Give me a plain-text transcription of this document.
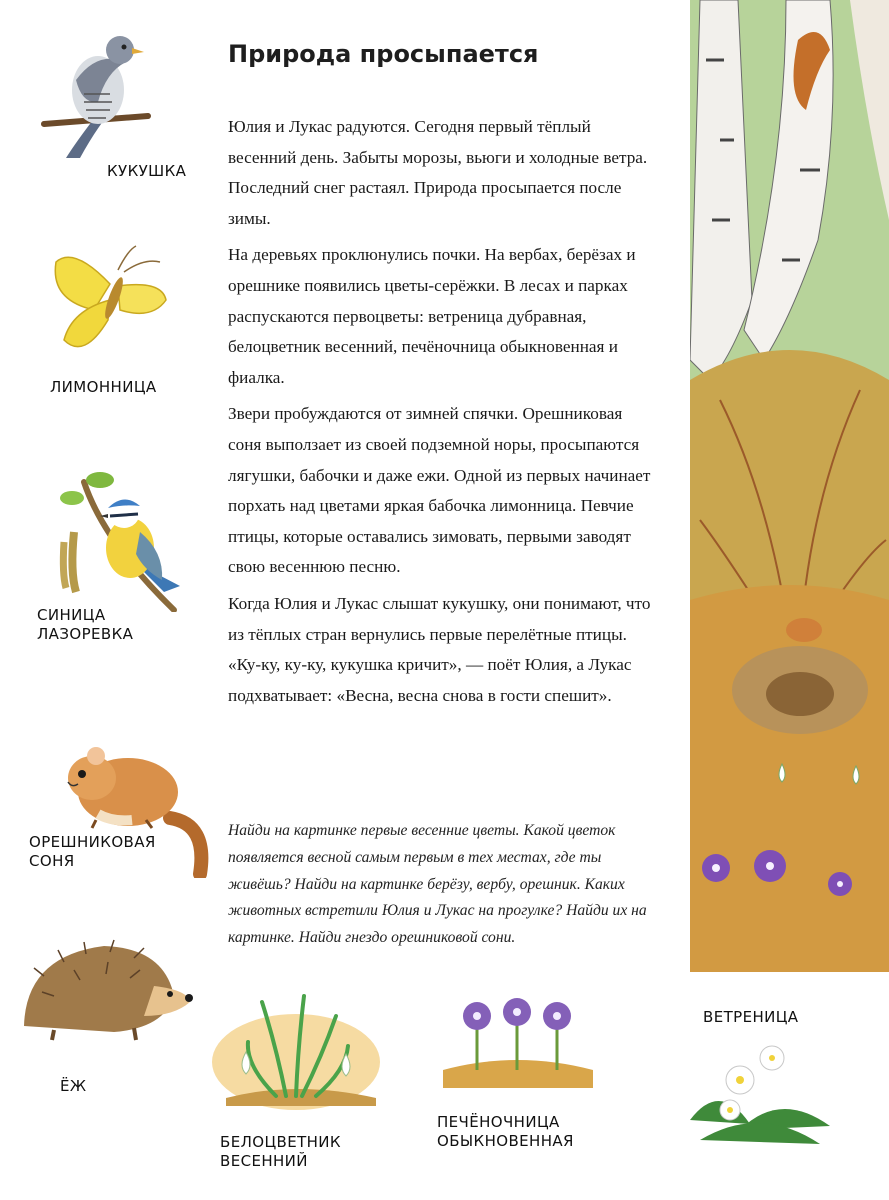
Природа просыпается

Юлия и Лукас радуются. Сегодня первый тёплый весенний день. Забыты морозы, вьюги и холодные ветра. Последний снег растаял. Природа просыпается после зимы.

На деревьях проклюнулись почки. На вербах, берёзах и орешнике появились цветы-серёжки. В лесах и парках распускаются первоцветы: ветреница дубравная, белоцветник весенний, печёночница обыкновенная и фиалка.

Звери пробуждаются от зимней спячки. Орешниковая соня выползает из своей подземной норы, просыпаются лягушки, бабочки и даже ежи. Одной из первых начинает порхать над цветами яркая бабочка лимонница. Певчие птицы, которые оставались зимовать, первыми заводят свою весеннюю песню.

Когда Юлия и Лукас слышат кукушку, они понимают, что из тёплых стран вернулись первые перелётные птицы. «Ку-ку, ку-ку, кукушка кричит», — поёт Юлия, а Лукас подхватывает: «Весна, весна снова в гости спешит».

Найди на картинке первые весенние цветы. Какой цветок появляется весной самым первым в тех местах, где ты живёшь? Найди на картинке берёзу, вербу, орешник. Каких животных встретили Юлия и Лукас на прогулке? Найди их на картинке. Найди гнездо орешниковой сони.
КУКУШКА
ЛИМОННИЦА
СИНИЦА
ЛАЗОРЕВКА
ОРЕШНИКОВАЯ
СОНЯ
ЁЖ
БЕЛОЦВЕТНИК
ВЕСЕННИЙ
ПЕЧЁНОЧНИЦА
ОБЫКНОВЕННАЯ
ВЕТРЕНИЦА
